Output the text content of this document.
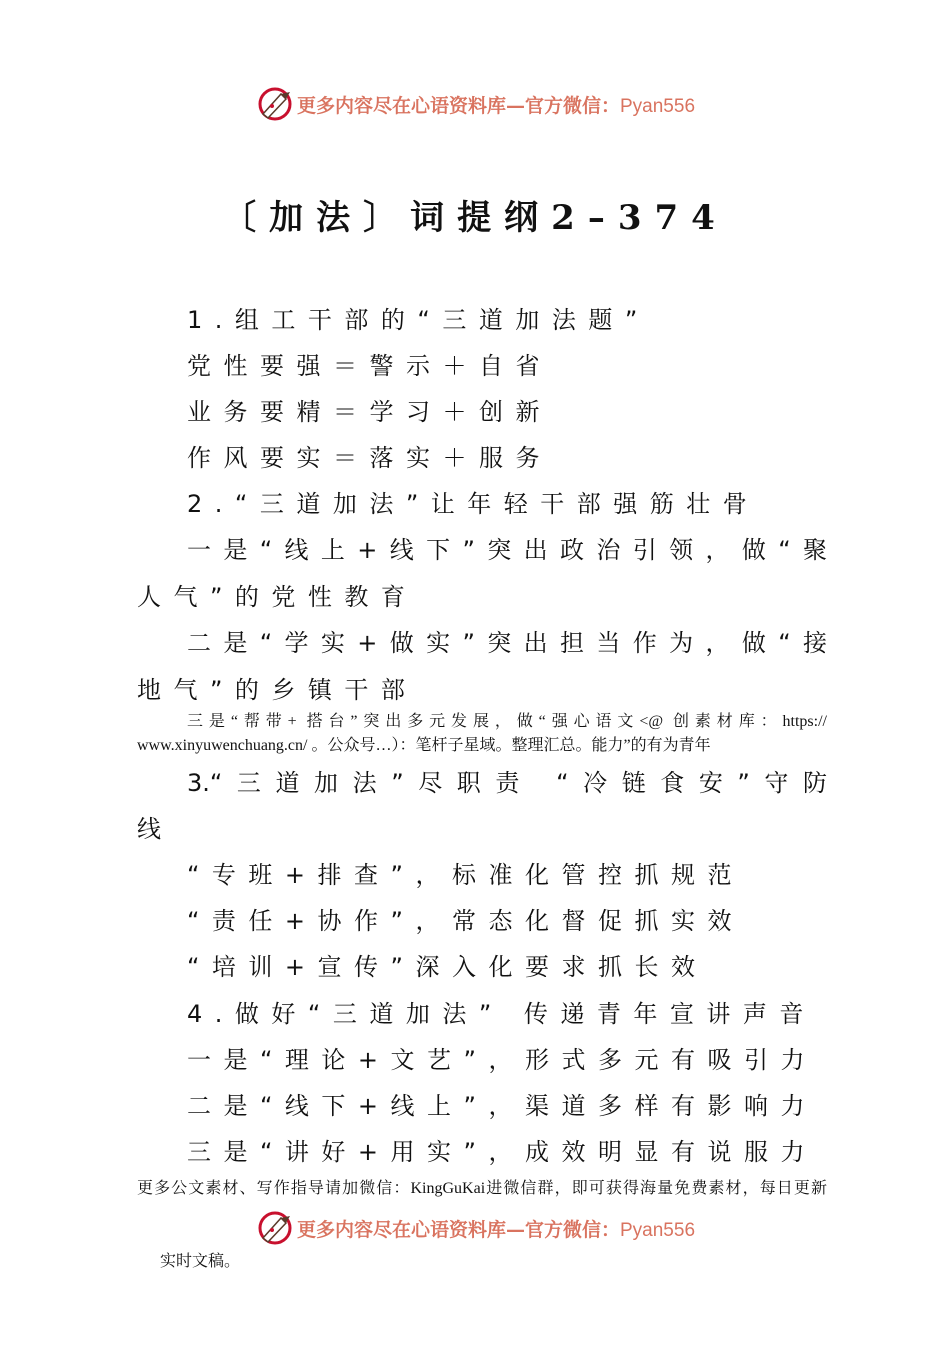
更多内容尽在心语资料库—官方微信：Pyan556
〔加法〕词提纲2–374
1.组工干部的“三道加法题”
党性要强＝警示＋自省
业务要精＝学习＋创新
作风要实＝落实＋服务
2.“三道加法”让年轻干部强筋壮骨
一是“线上+线下”突出政治引领，做“聚
人气”的党性教育
二是“学实+做实”突出担当作为，做“接
地气”的乡镇干部
三是“帮带+ 搭台”突出多元发展，做“强心语文<@ 创素材库：https://
www.xinyuwenchuang.cn/ 。公众号…）：笔杆子星域。整理汇总。能力”的有为青年
3.“三道加法”尽职责 “冷链食安”守防
线
“专班+排查”，标准化管控抓规范
“责任+协作”，常态化督促抓实效
“培训+宣传”深入化要求抓长效
4.做好“三道加法” 传递青年宣讲声音
一是“理论+文艺”，形式多元有吸引力
二是“线下+线上”，渠道多样有影响力
三是“讲好+用实”，成效明显有说服力
更多公文素材、写作指导请加微信：KingGuKai进微信群，即可获得海量免费素材，每日更新
更多内容尽在心语资料库—官方微信：Pyan556
实时文稿。
